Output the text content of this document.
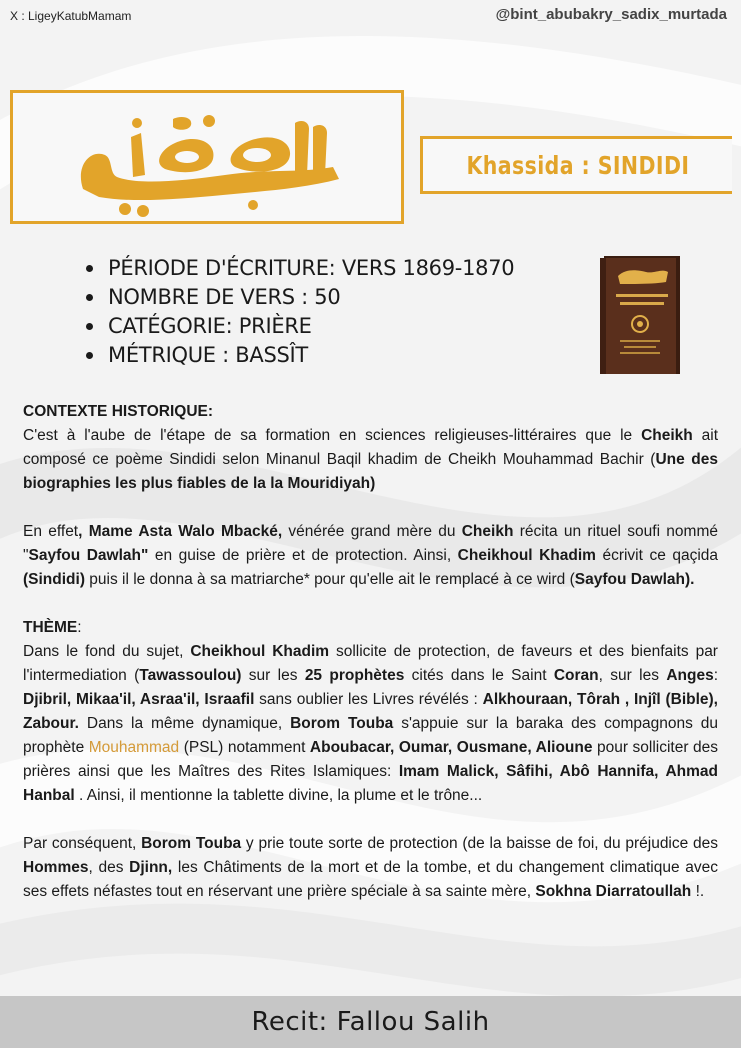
X : LigeyKatubMamam	@bint_abubakry_sadix_murtada
Khassida : SINDIDI
PÉRIODE D'ÉCRITURE: VERS 1869-1870
NOMBRE DE VERS : 50
CATÉGORIE: PRIÈRE
MÉTRIQUE : BASSÎT

CONTEXTE HISTORIQUE:

C'est à l'aube de l'étape de sa formation en sciences religieuses-littéraires que le Cheikh ait composé ce poème Sindidi selon Minanul Baqil khadim de Cheikh Mouhammad Bachir (Une des biographies les plus fiables de la la Mouridiyah)

En effet, Mame Asta Walo Mbacké, vénérée grand mère du Cheikh récita un rituel soufi nommé "Sayfou Dawlah" en guise de prière et de protection. Ainsi, Cheikhoul Khadim écrivit ce qaçida (Sindidi) puis il le donna à sa matriarche* pour qu'elle ait le remplacé à ce wird (Sayfou Dawlah).

THÈME:

Dans le fond du sujet, Cheikhoul Khadim sollicite de protection, de faveurs et des bienfaits par l'intermediation (Tawassoulou) sur les 25 prophètes cités dans le Saint Coran, sur les Anges: Djibril, Mikaa'il, Asraa'il, Israafil sans oublier les Livres révélés : Alkhouraan, Tôrah , Injîl (Bible), Zabour. Dans la même dynamique, Borom Touba s'appuie sur la baraka des compagnons du prophète Mouhammad (PSL) notamment Aboubacar, Oumar, Ousmane, Alioune pour solliciter des prières ainsi que les Maîtres des Rites Islamiques: Imam Malick, Sâfihi, Abô Hannifa, Ahmad Hanbal . Ainsi, il mentionne la tablette divine, la plume et le trône...

Par conséquent, Borom Touba y prie toute sorte de protection (de la baisse de foi, du préjudice des Hommes, des Djinn, les Châtiments de la mort et de la tombe, et du changement climatique avec ses effets néfastes tout en réservant une prière spéciale à sa sainte mère, Sokhna Diarratoullah !.

Recit: Fallou Salih
